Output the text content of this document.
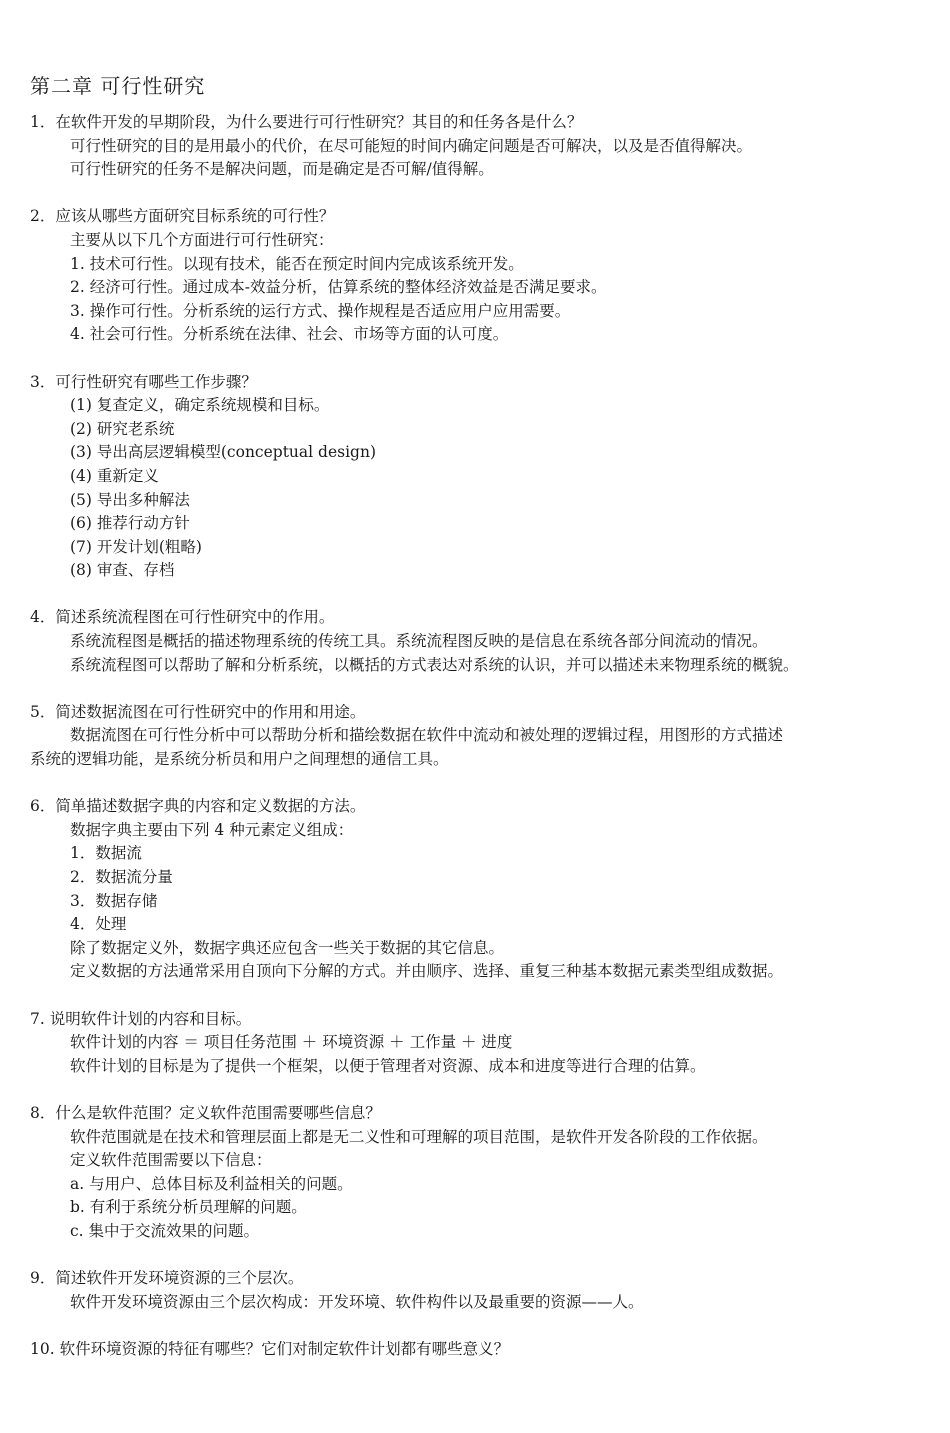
第二章 可行性研究
1．在软件开发的早期阶段，为什么要进行可行性研究？其目的和任务各是什么？
可行性研究的目的是用最小的代价，在尽可能短的时间内确定问题是否可解决，以及是否值得解决。
可行性研究的任务不是解决问题，而是确定是否可解/值得解。
2．应该从哪些方面研究目标系统的可行性？
主要从以下几个方面进行可行性研究：
1. 技术可行性。以现有技术，能否在预定时间内完成该系统开发。
2. 经济可行性。通过成本-效益分析，估算系统的整体经济效益是否满足要求。
3. 操作可行性。分析系统的运行方式、操作规程是否适应用户应用需要。
4. 社会可行性。分析系统在法律、社会、市场等方面的认可度。
3．可行性研究有哪些工作步骤？
(1) 复查定义，确定系统规模和目标。
(2) 研究老系统
(3) 导出高层逻辑模型(conceptual design)
(4) 重新定义
(5) 导出多种解法
(6) 推荐行动方针
(7) 开发计划(粗略)
(8) 审查、存档
4．简述系统流程图在可行性研究中的作用。
系统流程图是概括的描述物理系统的传统工具。系统流程图反映的是信息在系统各部分间流动的情况。
系统流程图可以帮助了解和分析系统，以概括的方式表达对系统的认识，并可以描述未来物理系统的概貌。
5．简述数据流图在可行性研究中的作用和用途。
数据流图在可行性分析中可以帮助分析和描绘数据在软件中流动和被处理的逻辑过程，用图形的方式描述
系统的逻辑功能，是系统分析员和用户之间理想的通信工具。
6．简单描述数据字典的内容和定义数据的方法。
数据字典主要由下列 4 种元素定义组成：
1．数据流
2．数据流分量
3．数据存储
4．处理
除了数据定义外，数据字典还应包含一些关于数据的其它信息。
定义数据的方法通常采用自顶向下分解的方式。并由顺序、选择、重复三种基本数据元素类型组成数据。
7. 说明软件计划的内容和目标。
软件计划的内容 ＝ 项目任务范围 ＋ 环境资源 ＋ 工作量 ＋ 进度
软件计划的目标是为了提供一个框架，以便于管理者对资源、成本和进度等进行合理的估算。
8．什么是软件范围？定义软件范围需要哪些信息？
软件范围就是在技术和管理层面上都是无二义性和可理解的项目范围，是软件开发各阶段的工作依据。
定义软件范围需要以下信息：
a. 与用户、总体目标及利益相关的问题。
b. 有利于系统分析员理解的问题。
c. 集中于交流效果的问题。
9．简述软件开发环境资源的三个层次。
软件开发环境资源由三个层次构成：开发环境、软件构件以及最重要的资源——人。
10. 软件环境资源的特征有哪些？它们对制定软件计划都有哪些意义？
